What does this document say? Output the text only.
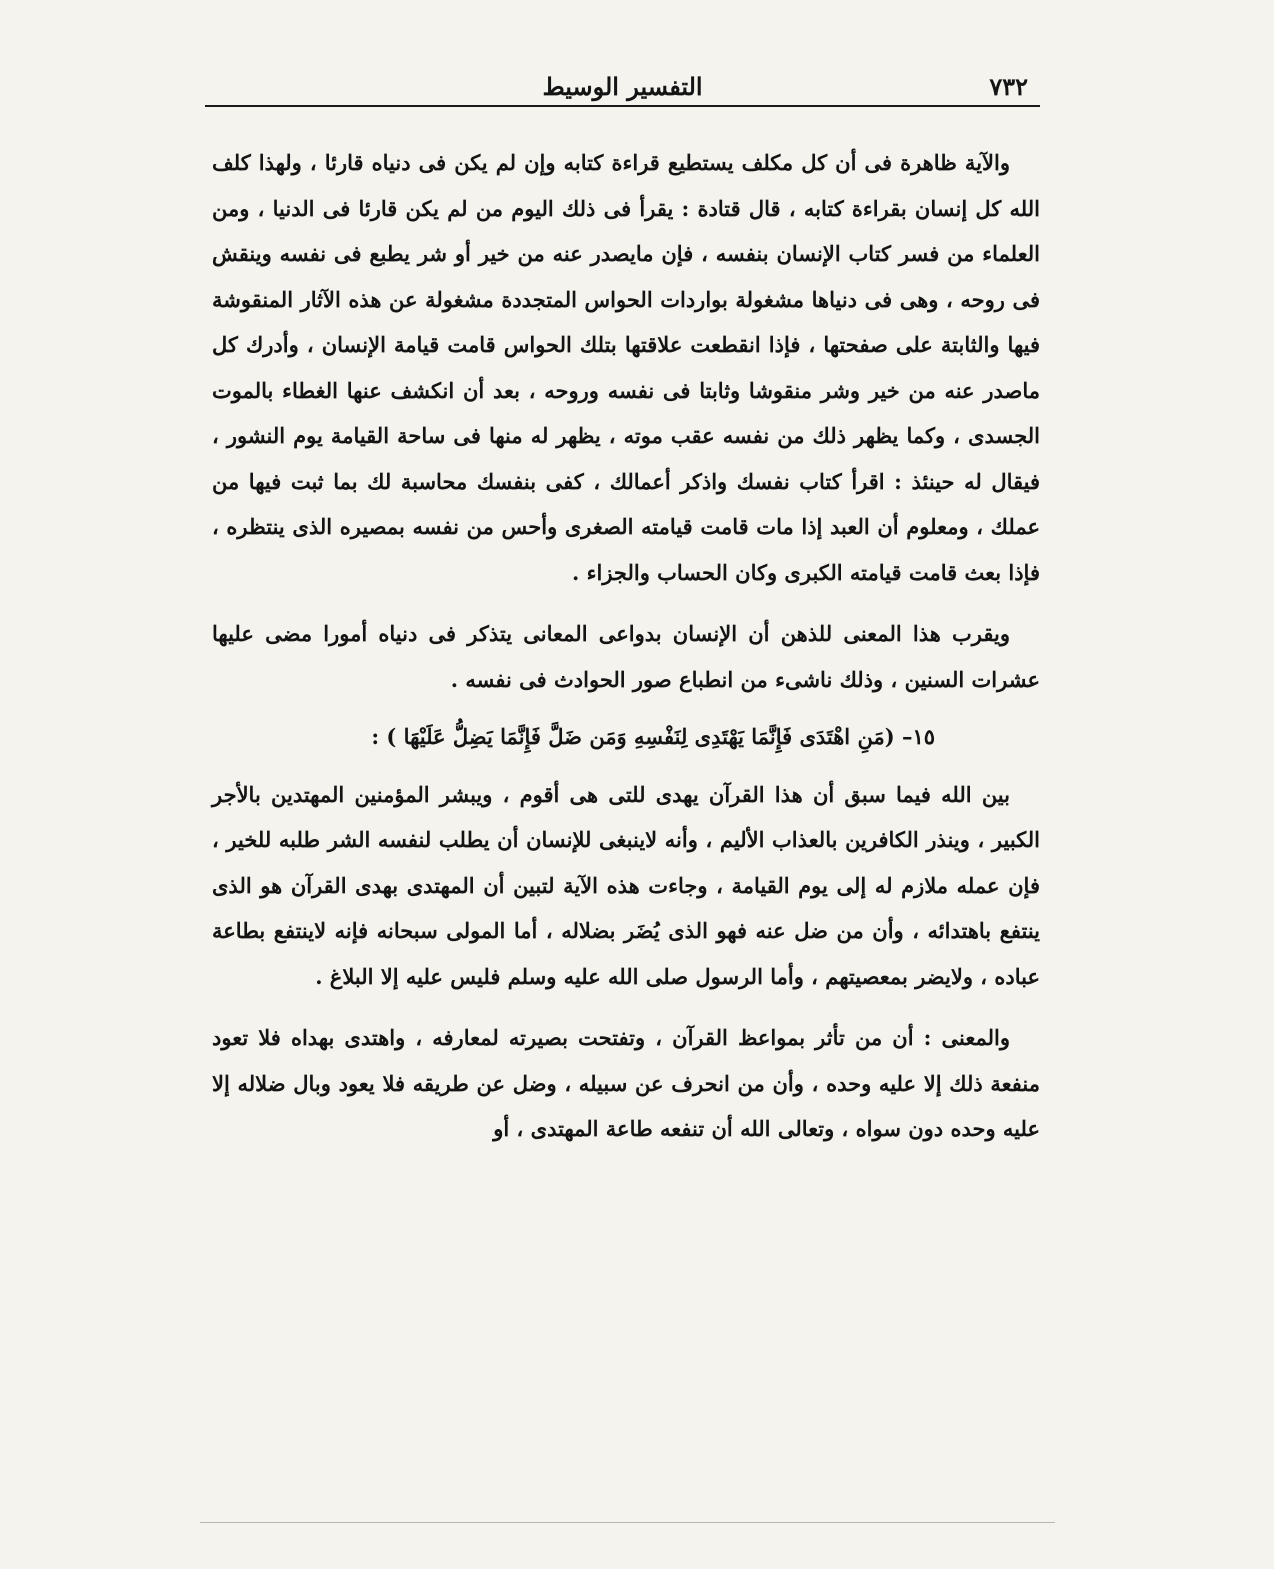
٧٣٢
التفسير الوسيط

والآية ظاهرة فى أن كل مكلف يستطيع قراءة كتابه وإن لم يكن فى دنياه قارئا ، ولهذا كلف الله كل إنسان بقراءة كتابه ، قال قتادة : يقرأ فى ذلك اليوم من لم يكن قارئا فى الدنيا ، ومن العلماء من فسر كتاب الإنسان بنفسه ، فإن مايصدر عنه من خير أو شر يطبع فى نفسه وينقش فى روحه ، وهى فى دنياها مشغولة بواردات الحواس المتجددة مشغولة عن هذه الآثار المنقوشة فيها والثابتة على صفحتها ، فإذا انقطعت علاقتها بتلك الحواس قامت قيامة الإنسان ، وأدرك كل ماصدر عنه من خير وشر منقوشا وثابتا فى نفسه وروحه ، بعد أن انكشف عنها الغطاء بالموت الجسدى ، وكما يظهر ذلك من نفسه عقب موته ، يظهر له منها فى ساحة القيامة يوم النشور ، فيقال له حينئذ : اقرأ كتاب نفسك واذكر أعمالك ، كفى بنفسك محاسبة لك بما ثبت فيها من عملك ، ومعلوم أن العبد إذا مات قامت قيامته الصغرى وأحس من نفسه بمصيره الذى ينتظره ، فإذا بعث قامت قيامته الكبرى وكان الحساب والجزاء .

ويقرب هذا المعنى للذهن أن الإنسان بدواعى المعانى يتذكر فى دنياه أمورا مضى عليها عشرات السنين ، وذلك ناشىء من انطباع صور الحوادث فى نفسه .

١٥– (مَنِ اهْتَدَى فَإِنَّمَا يَهْتَدِى لِنَفْسِهِ وَمَن ضَلَّ فَإِنَّمَا يَضِلُّ عَلَيْهَا ) :

بين الله فيما سبق أن هذا القرآن يهدى للتى هى أقوم ، ويبشر المؤمنين المهتدين بالأجر الكبير ، وينذر الكافرين بالعذاب الأليم ، وأنه لاينبغى للإنسان أن يطلب لنفسه الشر طلبه للخير ، فإن عمله ملازم له إلى يوم القيامة ، وجاءت هذه الآية لتبين أن المهتدى بهدى القرآن هو الذى ينتفع باهتدائه ، وأن من ضل عنه فهو الذى يُضَر بضلاله ، أما المولى سبحانه فإنه لاينتفع بطاعة عباده ، ولايضر بمعصيتهم ، وأما الرسول صلى الله عليه وسلم فليس عليه إلا البلاغ .

والمعنى : أن من تأثر بمواعظ القرآن ، وتفتحت بصيرته لمعارفه ، واهتدى بهداه فلا تعود منفعة ذلك إلا عليه وحده ، وأن من انحرف عن سبيله ، وضل عن طريقه فلا يعود وبال ضلاله إلا عليه وحده دون سواه ، وتعالى الله أن تنفعه طاعة المهتدى ، أو
